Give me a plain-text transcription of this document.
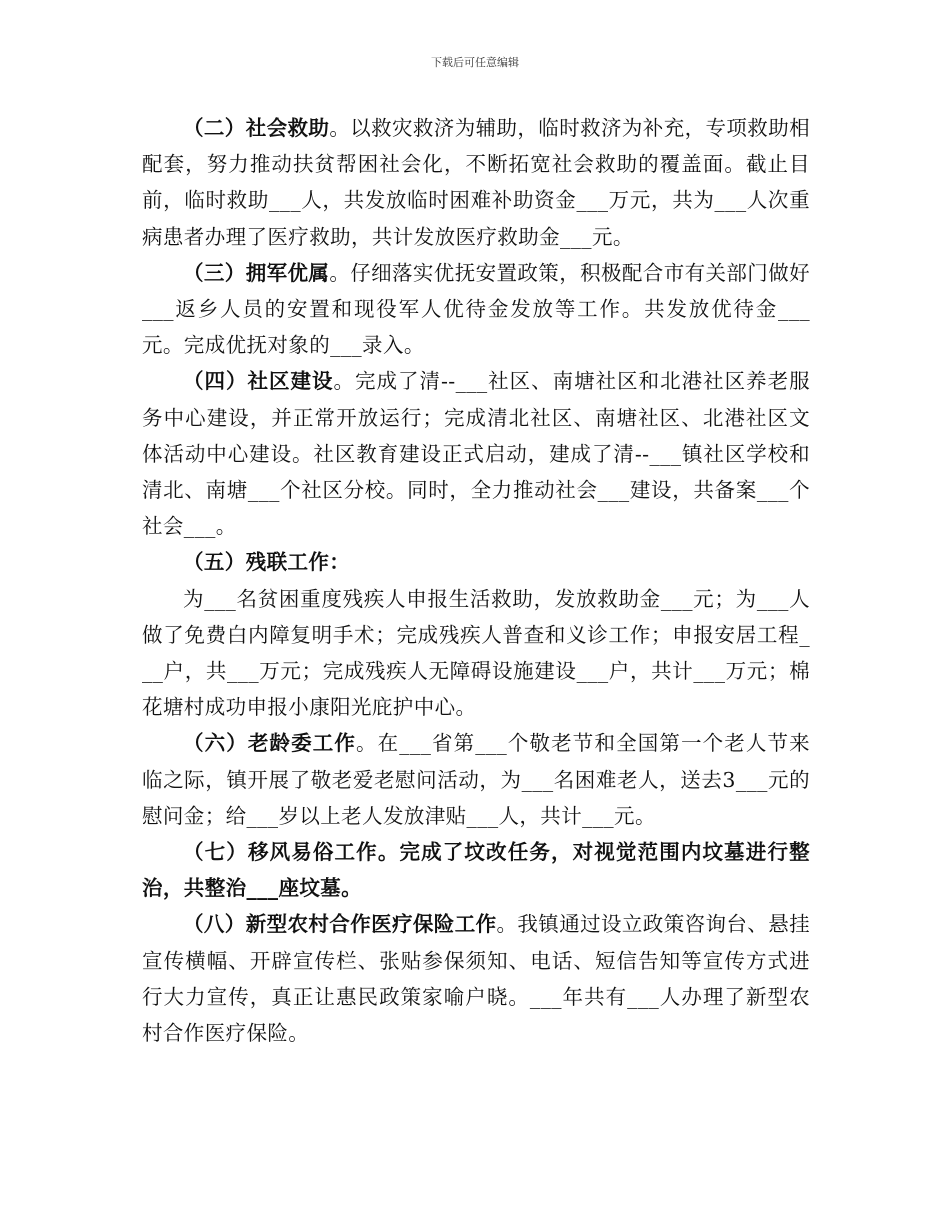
下载后可任意编辑

（二）社会救助。以救灾救济为辅助，临时救济为补充，专项救助相配套，努力推动扶贫帮困社会化，不断拓宽社会救助的覆盖面。截止目前，临时救助___人，共发放临时困难补助资金___万元，共为___人次重病患者办理了医疗救助，共计发放医疗救助金___元。

（三）拥军优属。仔细落实优抚安置政策，积极配合市有关部门做好___返乡人员的安置和现役军人优待金发放等工作。共发放优待金___元。完成优抚对象的___录入。

（四）社区建设。完成了清--___社区、南塘社区和北港社区养老服务中心建设，并正常开放运行；完成清北社区、南塘社区、北港社区文体活动中心建设。社区教育建设正式启动，建成了清--___镇社区学校和清北、南塘___个社区分校。同时，全力推动社会___建设，共备案___个社会___。

（五）残联工作：

为___名贫困重度残疾人申报生活救助，发放救助金___元；为___人做了免费白内障复明手术；完成残疾人普查和义诊工作；申报安居工程___户，共___万元；完成残疾人无障碍设施建设___户，共计___万元；棉花塘村成功申报小康阳光庇护中心。

（六）老龄委工作。在___省第___个敬老节和全国第一个老人节来临之际，镇开展了敬老爱老慰问活动，为___名困难老人，送去3___元的慰问金；给___岁以上老人发放津贴___人，共计___元。

（七）移风易俗工作。完成了坟改任务，对视觉范围内坟墓进行整治，共整治___座坟墓。

（八）新型农村合作医疗保险工作。我镇通过设立政策咨询台、悬挂宣传横幅、开辟宣传栏、张贴参保须知、电话、短信告知等宣传方式进行大力宣传，真正让惠民政策家喻户晓。___年共有___人办理了新型农村合作医疗保险。
